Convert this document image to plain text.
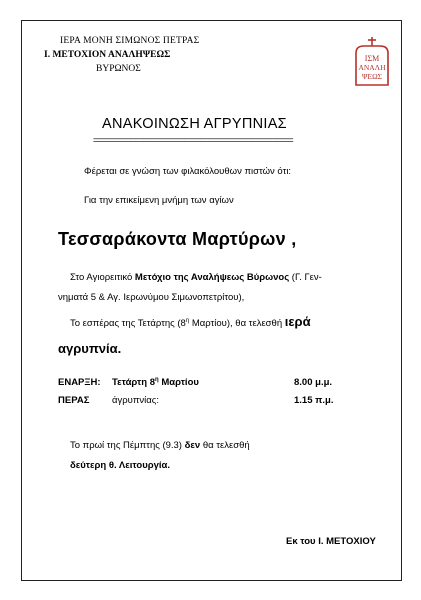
ΙΕΡΑ ΜΟΝΗ ΣΙΜΩΝΟΣ ΠΕΤΡΑΣ
Ι. ΜΕΤΟΧΙΟΝ ΑΝΑΛΗΨΕΩΣ
ΒΥΡΩΝΟΣ
ΙΣΜ
ΑΝΑΛΗ
ΨΕΩΣ
ΑΝΑΚΟΙΝΩΣΗ ΑΓΡΥΠΝΙΑΣ
================================================
Φέρεται σε γνώση των φιλακόλουθων πιστών ότι:
Για την επικείμενη μνήμη των αγίων
Τεσσαράκοντα Μαρτύρων ,
Στο Αγιορειτικό Μετόχιο της Αναλήψεως Βύρωνος (Γ. Γεν-
νηματά 5 & Αγ. Ιερωνύμου Σιμωνοπετρίτου),
Το εσπέρας της Τετάρτης ($8^\eta$ Μαρτίου), θα τελεσθή ιερά
αγρυπνία.
ΕΝΑΡΞΗ: Τετάρτη $8^\eta$ Μαρτίου	8.00 μ.μ.
ΠΕΡΑΣ άγρυπνίας:	1.15 π.μ.
Το πρωί της Πέμπτης (9.3) δεν θα τελεσθή
δεύτερη θ. Λειτουργία.
Εκ του Ι. ΜΕΤΟΧΙΟΥ
